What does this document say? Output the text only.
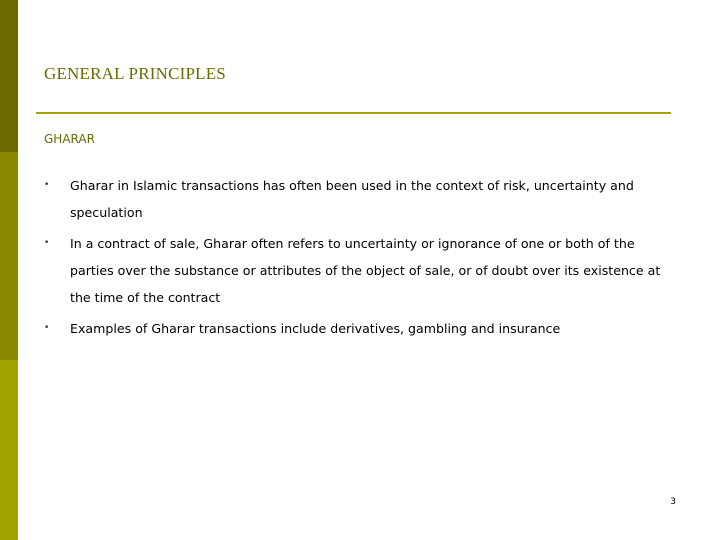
GENERAL PRINCIPLES
GHARAR
• Gharar in Islamic transactions has often been used in the context of risk, uncertainty and speculation
• In a contract of sale, Gharar often refers to uncertainty or ignorance of one or both of the parties over the substance or attributes of the object of sale, or of doubt over its existence at the time of the contract
• Examples of Gharar transactions include derivatives, gambling and insurance
3
